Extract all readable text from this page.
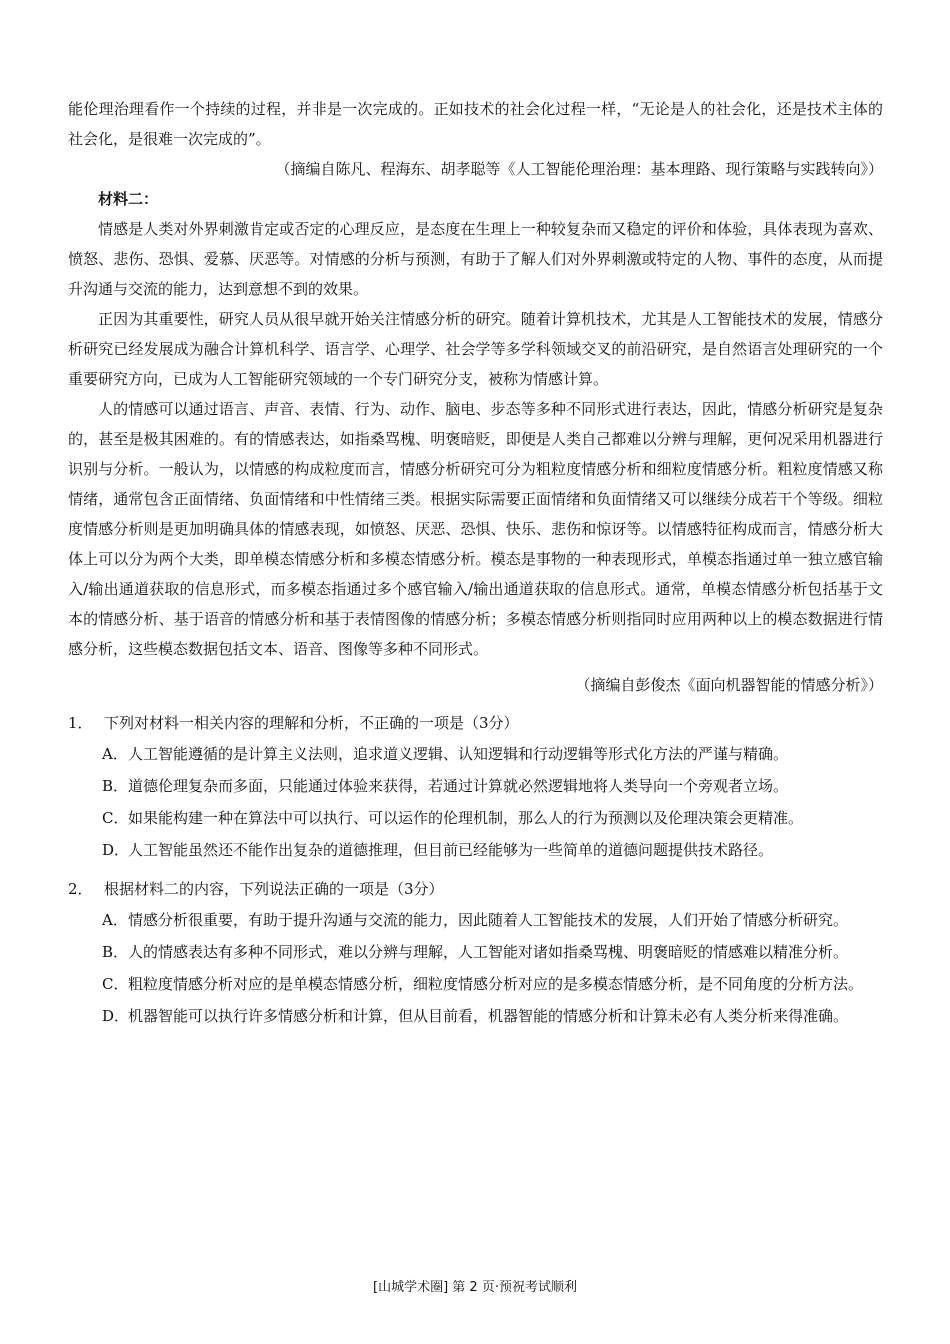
能伦理治理看作一个持续的过程，并非是一次完成的。正如技术的社会化过程一样，“无论是人的社会化，还是技术主体的社会化，是很难一次完成的”。

（摘编自陈凡、程海东、胡孝聪等《人工智能伦理治理：基本理路、现行策略与实践转向》）

材料二：

情感是人类对外界刺激肯定或否定的心理反应，是态度在生理上一种较复杂而又稳定的评价和体验，具体表现为喜欢、愤怒、悲伤、恐惧、爱慕、厌恶等。对情感的分析与预测，有助于了解人们对外界刺激或特定的人物、事件的态度，从而提升沟通与交流的能力，达到意想不到的效果。

正因为其重要性，研究人员从很早就开始关注情感分析的研究。随着计算机技术，尤其是人工智能技术的发展，情感分析研究已经发展成为融合计算机科学、语言学、心理学、社会学等多学科领域交叉的前沿研究，是自然语言处理研究的一个重要研究方向，已成为人工智能研究领域的一个专门研究分支，被称为情感计算。

人的情感可以通过语言、声音、表情、行为、动作、脑电、步态等多种不同形式进行表达，因此，情感分析研究是复杂的，甚至是极其困难的。有的情感表达，如指桑骂槐、明褒暗贬，即便是人类自己都难以分辨与理解，更何况采用机器进行识别与分析。一般认为，以情感的构成粒度而言，情感分析研究可分为粗粒度情感分析和细粒度情感分析。粗粒度情感又称情绪，通常包含正面情绪、负面情绪和中性情绪三类。根据实际需要正面情绪和负面情绪又可以继续分成若干个等级。细粒度情感分析则是更加明确具体的情感表现，如愤怒、厌恶、恐惧、快乐、悲伤和惊讶等。以情感特征构成而言，情感分析大体上可以分为两个大类，即单模态情感分析和多模态情感分析。模态是事物的一种表现形式，单模态指通过单一独立感官输入/输出通道获取的信息形式，而多模态指通过多个感官输入/输出通道获取的信息形式。通常，单模态情感分析包括基于文本的情感分析、基于语音的情感分析和基于表情图像的情感分析；多模态情感分析则指同时应用两种以上的模态数据进行情感分析，这些模态数据包括文本、语音、图像等多种不同形式。

（摘编自彭俊杰《面向机器智能的情感分析》）

1． 下列对材料一相关内容的理解和分析，不正确的一项是（3分）
A． 人工智能遵循的是计算主义法则，追求道义逻辑、认知逻辑和行动逻辑等形式化方法的严谨与精确。
B． 道德伦理复杂而多面，只能通过体验来获得，若通过计算就必然逻辑地将人类导向一个旁观者立场。
C． 如果能构建一种在算法中可以执行、可以运作的伦理机制，那么人的行为预测以及伦理决策会更精准。
D．
人工智能虽然还不能作出复杂的道德推理，但目前已经能够为一些简单的道德问题提供技术路径。
2． 根据材料二的内容，下列说法正确的一项是（3分）
A． 情感分析很重要，有助于提升沟通与交流的能力，因此随着人工智能技术的发展，人们开始了情感分析研究。
B． 人的情感表达有多种不同形式，难以分辨与理解，人工智能对诸如指桑骂槐、明褒暗贬的情感难以精准分析。
C． 粗粒度情感分析对应的是单模态情感分析，细粒度情感分析对应的是多模态情感分析，是不同角度的分析方法。
D．
机器智能可以执行许多情感分析和计算，但从目前看，机器智能的情感分析和计算未必有人类分析来得准确。
[山城学术圈] 第 2 页·预祝考试顺利
